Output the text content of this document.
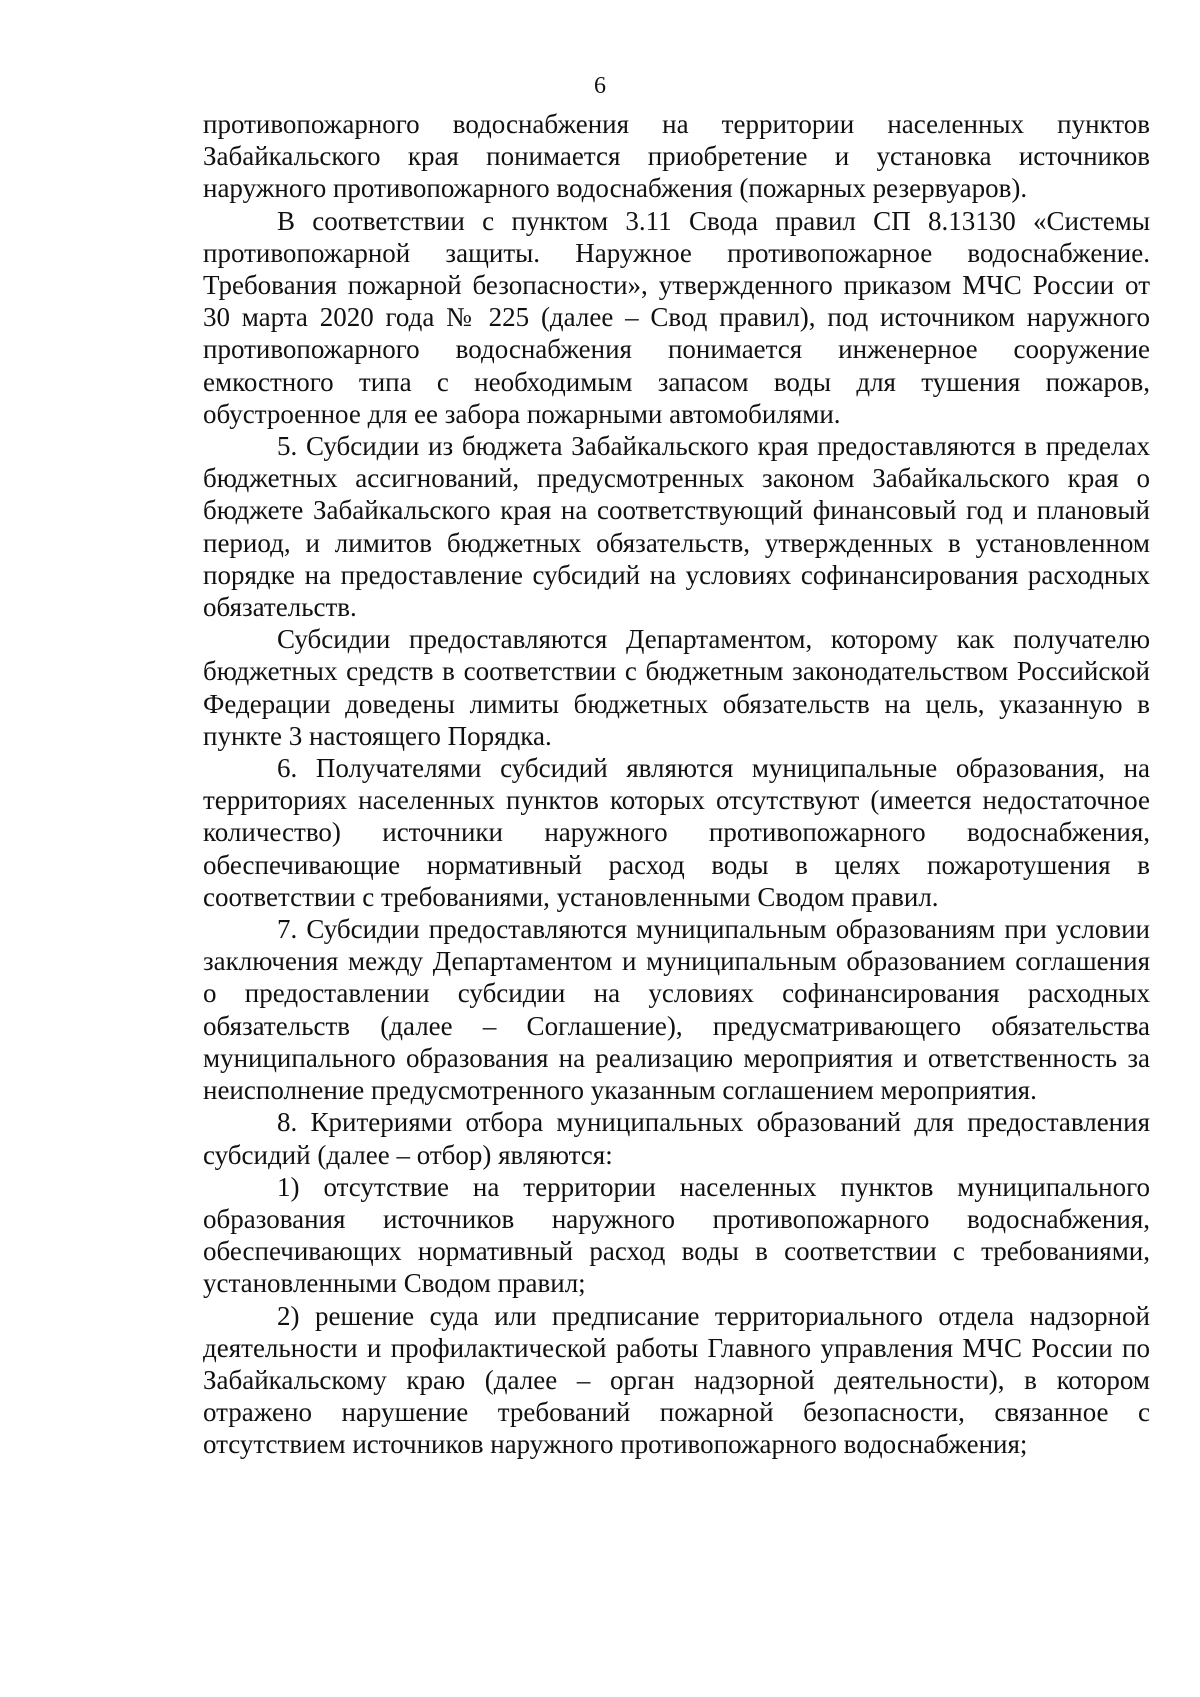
6

противопожарного водоснабжения на территории населенных пунктов Забайкальского края понимается приобретение и установка источников наружного противопожарного водоснабжения (пожарных резервуаров).

В соответствии с пунктом 3.11 Свода правил СП 8.13130 «Системы противопожарной защиты. Наружное противопожарное водоснабжение. Требования пожарной безопасности», утвержденного приказом МЧС России от 30 марта 2020 года № 225 (далее – Свод правил), под источником наружного противопожарного водоснабжения понимается инженерное сооружение емкостного типа с необходимым запасом воды для тушения пожаров, обустроенное для ее забора пожарными автомобилями.

5. Субсидии из бюджета Забайкальского края предоставляются в пределах бюджетных ассигнований, предусмотренных законом Забайкальского края о бюджете Забайкальского края на соответствующий финансовый год и плановый период, и лимитов бюджетных обязательств, утвержденных в установленном порядке на предоставление субсидий на условиях софинансирования расходных обязательств.

Субсидии предоставляются Департаментом, которому как получателю бюджетных средств в соответствии с бюджетным законодательством Российской Федерации доведены лимиты бюджетных обязательств на цель, указанную в пункте 3 настоящего Порядка.

6. Получателями субсидий являются муниципальные образования, на территориях населенных пунктов которых отсутствуют (имеется недостаточное количество) источники наружного противопожарного водоснабжения, обеспечивающие нормативный расход воды в целях пожаротушения в соответствии с требованиями, установленными Сводом правил.

7. Субсидии предоставляются муниципальным образованиям при условии заключения между Департаментом и муниципальным образованием соглашения о предоставлении субсидии на условиях софинансирования расходных обязательств (далее – Соглашение), предусматривающего обязательства муниципального образования на реализацию мероприятия и ответственность за неисполнение предусмотренного указанным соглашением мероприятия.

8. Критериями отбора муниципальных образований для предоставления субсидий (далее – отбор) являются:

1) отсутствие на территории населенных пунктов муниципального образования источников наружного противопожарного водоснабжения, обеспечивающих нормативный расход воды в соответствии с требованиями, установленными Сводом правил;

2) решение суда или предписание территориального отдела надзорной деятельности и профилактической работы Главного управления МЧС России по Забайкальскому краю (далее – орган надзорной деятельности), в котором отражено нарушение требований пожарной безопасности, связанное с отсутствием источников наружного противопожарного водоснабжения;
